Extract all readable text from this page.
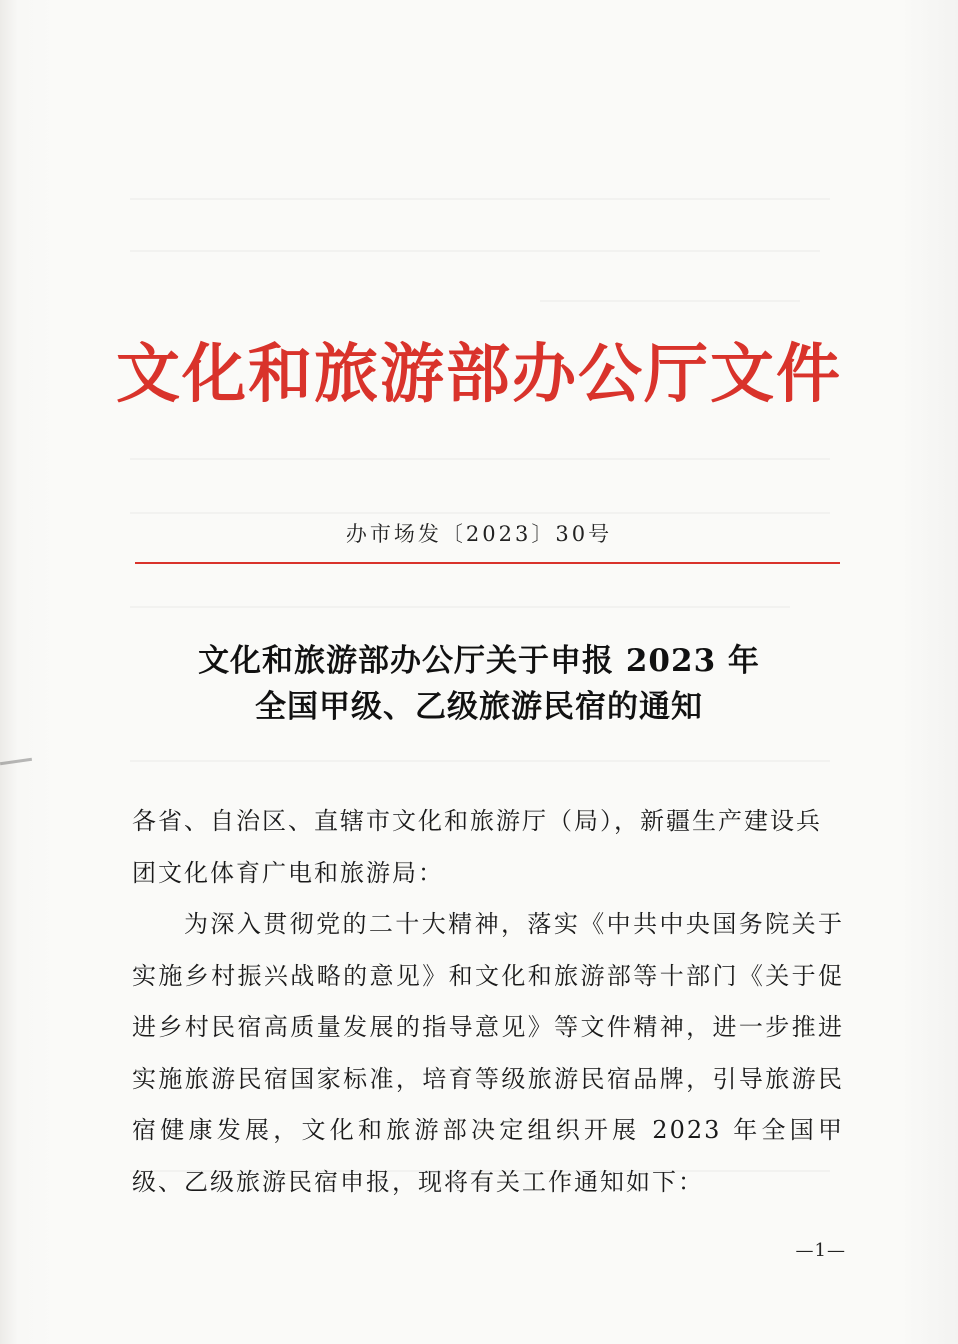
文化和旅游部办公厅文件
办市场发〔2023〕30号
文化和旅游部办公厅关于申报 2023 年
全国甲级、乙级旅游民宿的通知

各省、自治区、直辖市文化和旅游厅（局），新疆生产建设兵团文化体育广电和旅游局：

为深入贯彻党的二十大精神，落实《中共中央国务院关于实施乡村振兴战略的意见》和文化和旅游部等十部门《关于促进乡村民宿高质量发展的指导意见》等文件精神，进一步推进实施旅游民宿国家标准，培育等级旅游民宿品牌，引导旅游民宿健康发展，文化和旅游部决定组织开展 2023 年全国甲级、乙级旅游民宿申报，现将有关工作通知如下：

—1—
